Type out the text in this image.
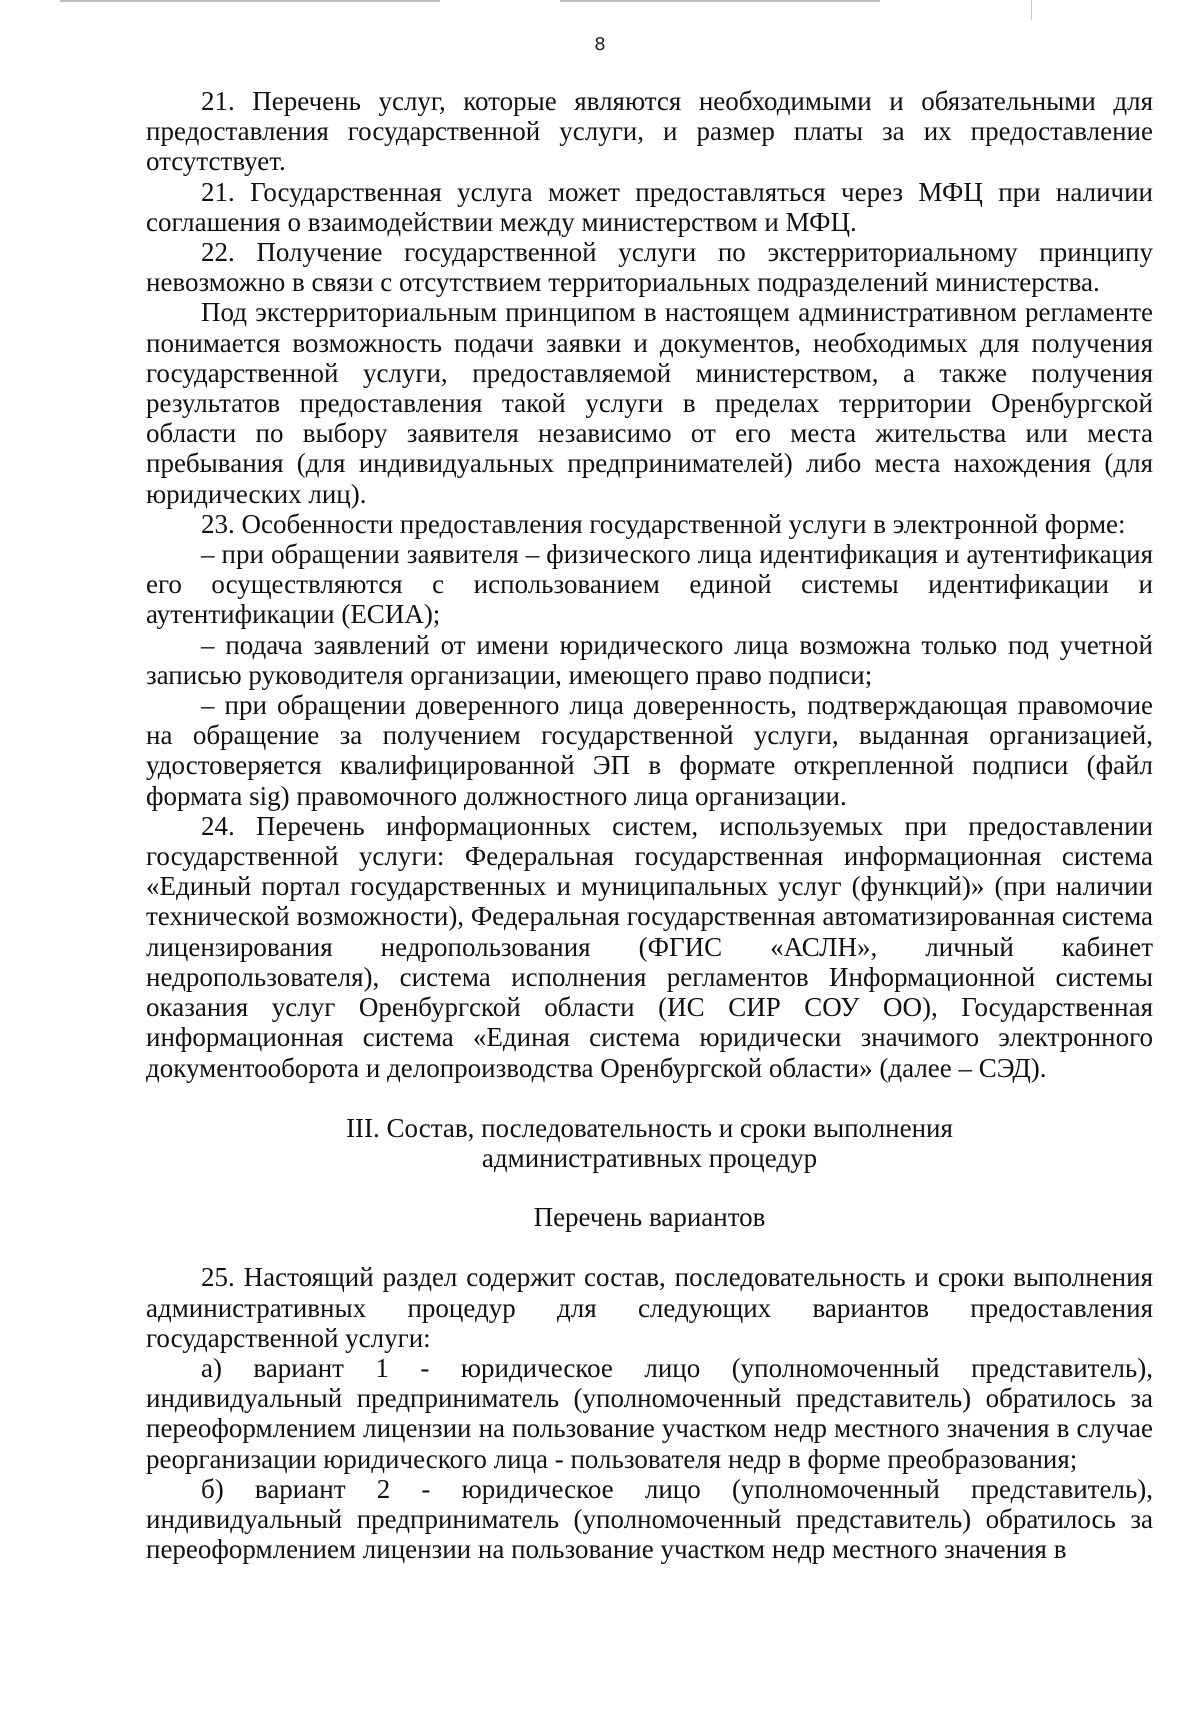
8

21. Перечень услуг, которые являются необходимыми и обязательными для предоставления государственной услуги, и размер платы за их предоставление отсутствует.

21. Государственная услуга может предоставляться через МФЦ при наличии соглашения о взаимодействии между министерством и МФЦ.

22. Получение государственной услуги по экстерриториальному принципу невозможно в связи с отсутствием территориальных подразделений министерства.

Под экстерриториальным принципом в настоящем административном регламенте понимается возможность подачи заявки и документов, необходимых для получения государственной услуги, предоставляемой министерством, а также получения результатов предоставления такой услуги в пределах территории Оренбургской области по выбору заявителя независимо от его места жительства или места пребывания (для индивидуальных предпринимателей) либо места нахождения (для юридических лиц).

23. Особенности предоставления государственной услуги в электронной форме:

– при обращении заявителя – физического лица идентификация и аутентификация его осуществляются с использованием единой системы идентификации и аутентификации (ЕСИА);

– подача заявлений от имени юридического лица возможна только под учетной записью руководителя организации, имеющего право подписи;

– при обращении доверенного лица доверенность, подтверждающая правомочие на обращение за получением государственной услуги, выданная организацией, удостоверяется квалифицированной ЭП в формате открепленной подписи (файл формата sig) правомочного должностного лица организации.

24. Перечень информационных систем, используемых при предоставлении государственной услуги: Федеральная государственная информационная система «Единый портал государственных и муниципальных услуг (функций)» (при наличии технической возможности), Федеральная государственная автоматизированная система лицензирования недропользования (ФГИС «АСЛН», личный кабинет недропользователя), система исполнения регламентов Информационной системы оказания услуг Оренбургской области (ИС СИР СОУ ОО), Государственная информационная система «Единая система юридически значимого электронного документооборота и делопроизводства Оренбургской области» (далее – СЭД).

III. Состав, последовательность и сроки выполнения

административных процедур

Перечень вариантов

25. Настоящий раздел содержит состав, последовательность и сроки выполнения административных процедур для следующих вариантов предоставления государственной услуги:

а) вариант 1 - юридическое лицо (уполномоченный представитель), индивидуальный предприниматель (уполномоченный представитель) обратилось за переоформлением лицензии на пользование участком недр местного значения в случае реорганизации юридического лица - пользователя недр в форме преобразования;

б) вариант 2 - юридическое лицо (уполномоченный представитель), индивидуальный предприниматель (уполномоченный представитель) обратилось за переоформлением лицензии на пользование участком недр местного значения в
